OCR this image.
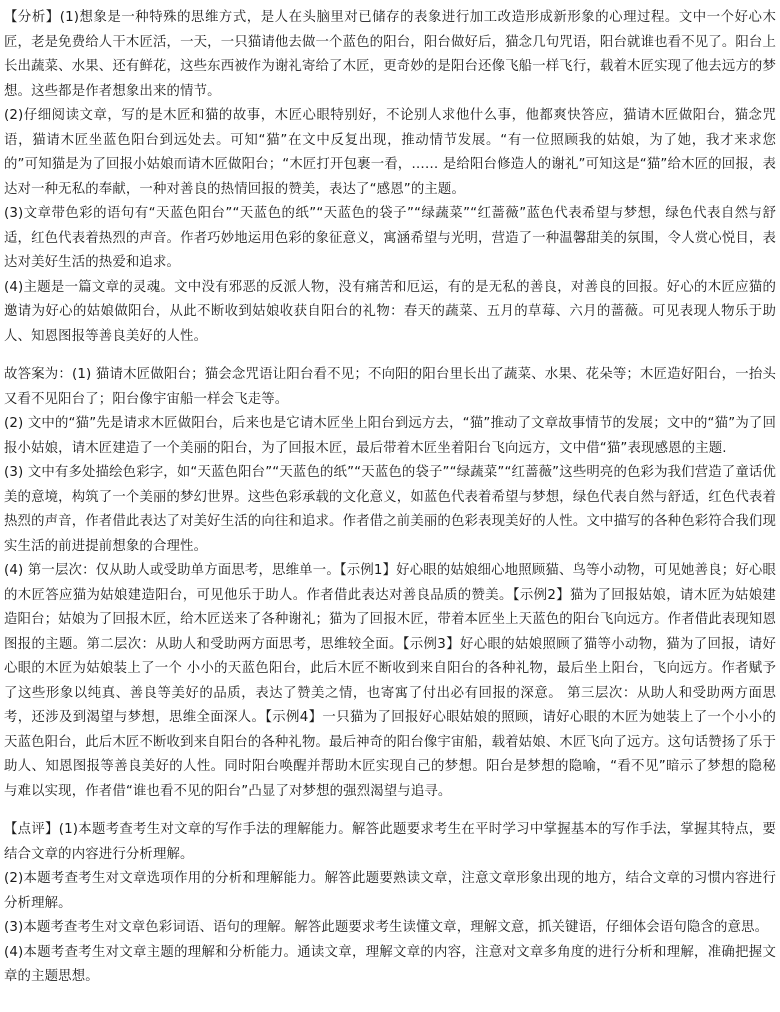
【分析】(1)想象是一种特殊的思维方式，是人在头脑里对已储存的表象进行加工改造形成新形象的心理过程。文中一个好心木匠，老是免费给人干木匠活，一天，一只猫请他去做一个蓝色的阳台，阳台做好后，猫念几句咒语，阳台就谁也看不见了。阳台上长出蔬菜、水果、还有鲜花，这些东西被作为谢礼寄给了木匠，更奇妙的是阳台还像飞船一样飞行，载着木匠实现了他去远方的梦想。这些都是作者想象出来的情节。

(2)仔细阅读文章，写的是木匠和猫的故事，木匠心眼特别好，不论别人求他什么事，他都爽快答应，猫请木匠做阳台，猫念咒语，猫请木匠坐蓝色阳台到远处去。可知“猫”在文中反复出现，推动情节发展。“有一位照顾我的姑娘，为了她，我才来求您的”可知猫是为了回报小姑娘而请木匠做阳台；“木匠打开包裹一看，…… 是给阳台修造人的谢礼”可知这是“猫”给木匠的回报，表达对一种无私的奉献，一种对善良的热情回报的赞美，表达了“感恩”的主题。

(3)文章带色彩的语句有“天蓝色阳台”“天蓝色的纸”“天蓝色的袋子”“绿蔬菜”“红蔷薇”蓝色代表希望与梦想，绿色代表自然与舒适，红色代表着热烈的声音。作者巧妙地运用色彩的象征意义，寓涵希望与光明，营造了一种温馨甜美的氛围，令人赏心悦目，表达对美好生活的热爱和追求。

(4)主题是一篇文章的灵魂。文中没有邪恶的反派人物，没有痛苦和厄运，有的是无私的善良，对善良的回报。好心的木匠应猫的邀请为好心的姑娘做阳台，从此不断收到姑娘收获自阳台的礼物：春天的蔬菜、五月的草莓、六月的蔷薇。可见表现人物乐于助人、知恩图报等善良美好的人性。

故答案为：(1) 猫请木匠做阳台；猫会念咒语让阳台看不见；不向阳的阳台里长出了蔬菜、水果、花朵等；木匠造好阳台，一抬头又看不见阳台了；阳台像宇宙船一样会飞走等。

(2) 文中的“猫”先是请求木匠做阳台，后来也是它请木匠坐上阳台到远方去，“猫”推动了文章故事情节的发展；文中的“猫”为了回报小姑娘，请木匠建造了一个美丽的阳台，为了回报木匠，最后带着木匠坐着阳台飞向远方，文中借“猫”表现感恩的主题.

(3) 文中有多处描绘色彩字，如“天蓝色阳台”“天蓝色的纸”“天蓝色的袋子”“绿蔬菜”“红蔷薇”这些明亮的色彩为我们营造了童话优美的意境，构筑了一个美丽的梦幻世界。这些色彩承载的文化意义，如蓝色代表着希望与梦想，绿色代表自然与舒适，红色代表着热烈的声音，作者借此表达了对美好生活的向往和追求。作者借之前美丽的色彩表现美好的人性。文中描写的各种色彩符合我们现实生活的前进提前想象的合理性。

(4) 第一层次：仅从助人或受助单方面思考，思维单一。【示例1】好心眼的姑娘细心地照顾猫、鸟等小动物，可见她善良；好心眼的木匠答应猫为姑娘建造阳台，可见他乐于助人。作者借此表达对善良品质的赞美。【示例2】猫为了回报姑娘，请木匠为姑娘建造阳台；姑娘为了回报木匠，给木匠送来了各种谢礼；猫为了回报木匠，带着本匠坐上天蓝色的阳台飞向远方。作者借此表现知恩图报的主题。第二层次：从助人和受助两方面思考，思维较全面。【示例3】好心眼的姑娘照顾了猫等小动物，猫为了回报，请好心眼的木匠为姑娘装上了一个 小小的天蓝色阳台，此后木匠不断收到来自阳台的各种礼物，最后坐上阳台，飞向远方。作者赋予了这些形象以纯真、善良等美好的品质，表达了赞美之情，也寄寓了付出必有回报的深意。 第三层次：从助人和受助两方面思考，还涉及到渴望与梦想，思维全面深人。【示例4】一只猫为了回报好心眼姑娘的照顾，请好心眼的木匠为她装上了一个小小的天蓝色阳台，此后木匠不断收到来自阳台的各种礼物。最后神奇的阳台像宇宙船，载着姑娘、木匠飞向了远方。这句话赞扬了乐于助人、知恩图报等善良美好的人性。同时阳台唤醒并帮助木匠实现自己的梦想。阳台是梦想的隐喻，“看不见”暗示了梦想的隐秘与难以实现，作者借“谁也看不见的阳台”凸显了对梦想的强烈渴望与追寻。

【点评】(1)本题考查考生对文章的写作手法的理解能力。解答此题要求考生在平时学习中掌握基本的写作手法，掌握其特点，要结合文章的内容进行分析理解。

(2)本题考查考生对文章选项作用的分析和理解能力。解答此题要熟读文章，注意文章形象出现的地方，结合文章的习惯内容进行分析理解。

(3)本题考查考生对文章色彩词语、语句的理解。解答此题要求考生读懂文章，理解文意，抓关键语，仔细体会语句隐含的意思。

(4)本题考查考生对文章主题的理解和分析能力。通读文章，理解文章的内容，注意对文章多角度的进行分析和理解，准确把握文章的主题思想。
